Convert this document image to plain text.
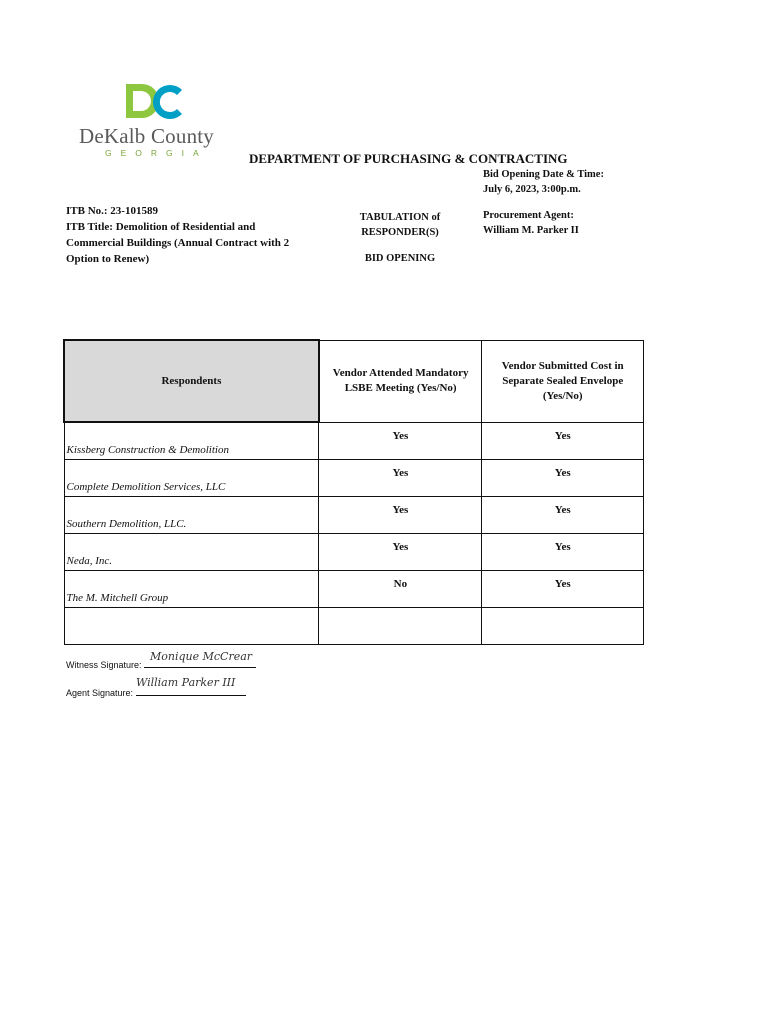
DeKalb County
GEORGIA	DEPARTMENT OF PURCHASING & CONTRACTING
Bid Opening Date & Time:
July 6, 2023, 3:00p.m.
ITB No.: 23-101589
ITB Title: Demolition of Residential and
Commercial Buildings (Annual Contract with 2
Option to Renew)
TABULATION of
RESPONDER(S)
BID OPENING
Procurement Agent:
William M. Parker II
Respondents	Vendor Attended Mandatory LSBE Meeting (Yes/No)	Vendor Submitted Cost in Separate Sealed Envelope (Yes/No)
Kissberg Construction & Demolition	Yes	Yes
Complete Demolition Services, LLC	Yes	Yes
Southern Demolition, LLC.	Yes	Yes
Neda, Inc.	Yes	Yes
The M. Mitchell Group	No	Yes

Witness Signature:
Monique McCrear
Agent Signature:
William Parker III
